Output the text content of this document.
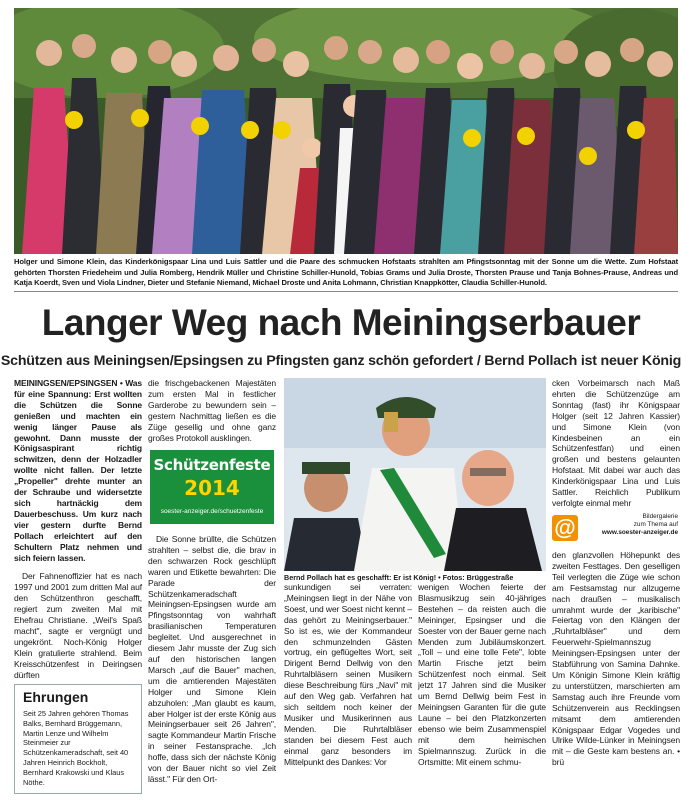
Holger und Simone Klein, das Kinderkönigspaar Lina und Luis Sattler und die Paare des schmucken Hofstaats strahlten am Pfingstsonntag mit der Sonne um die Wette. Zum Hofstaat gehörten Thorsten Friedeheim und Julia Romberg, Hendrik Müller und Christine Schiller-Hunold, Tobias Grams und Julia Droste, Thorsten Prause und Tanja Bohnes-Prause, Andreas und Katja Koerdt, Sven und Viola Lindner, Dieter und Stefanie Niemand, Michael Droste und Anita Lohmann, Christian Knappkötter, Claudia Schiller-Hunold.
Langer Weg nach Meiningserbauer
Schützen aus Meiningsen/Epsingsen zu Pfingsten ganz schön gefordert / Bernd Pollach ist neuer König

MEININGSEN/EPSINGSEN • Was für eine Spannung: Erst wollten die Schützen die Sonne genießen und machten ein wenig länger Pause als gewohnt. Dann musste der Königsaspirant richtig schwitzen, denn der Holzadler wollte nicht fallen. Der letzte „Propeller" drehte munter an der Schraube und widersetzte sich hartnäckig dem Dauerbeschuss. Um kurz nach vier gestern durfte Bernd Pollach erleichtert auf den Schultern Platz nehmen und sich feiern lassen.

Der Fahnenoffizier hat es nach 1997 und 2001 zum dritten Mal auf den Schützenthron geschafft, regiert zum zweiten Mal mit Ehefrau Christiane. „Weil's Spaß macht", sagte er vergnügt und ungekrönt. Noch-König Holger Klein gratulierte strahlend. Beim Kreisschützenfest in Deiringsen dürften

die frischgebackenen Majestäten zum ersten Mal in festlicher Garderobe zu bewundern sein – gestern Nachmittag ließen es die Züge gesellig und ohne ganz großes Protokoll ausklingen.

Schützenfeste
2014
soester-anzeiger.de/schuetzenfeste

Die Sonne brüllte, die Schützen strahlten – selbst die, die brav in den schwarzen Rock geschlüpft waren und Etikette bewahrten: Die Parade der Schützenkameradschaft Meiningsen-Epsingsen wurde am Pfingstsonntag von wahrhaft brasilianischen Temperaturen begleitet. Und ausgerechnet in diesem Jahr musste der Zug sich auf den historischen langen Marsch „auf die Bauer" machen, um die amtierenden Majestäten Holger und Simone Klein abzuholen: „Man glaubt es kaum, aber Holger ist der erste König aus Meiningserbauer seit 26 Jahren", sagte Kommandeur Martin Frische in seiner Festansprache. „Ich hoffe, dass sich der nächste König von der Bauer nicht so viel Zeit lässt." Für den Ort-

Bernd Pollach hat es geschafft: Er ist König! • Fotos: Brüggestraße

sunkundigen sei verraten: „Meiningsen liegt in der Nähe von Soest, und wer Soest nicht kennt – das gehört zu Meiningserbauer." So ist es, wie der Kommandeur den schmunzelnden Gästen vortrug, ein geflügeltes Wort, seit Dirigent Bernd Dellwig von den Ruhrtalbläsern seinen Musikern diese Beschreibung fürs „Navi" mit auf den Weg gab. Verfahren hat sich seitdem noch keiner der Musiker und Musikerinnen aus Menden. Die Ruhrtalbläser standen bei diesem Fest auch einmal ganz besonders im Mittelpunkt des Dankes: Vor

wenigen Wochen feierte der Blasmusikzug sein 40-jähriges Bestehen – da reisten auch die Meininger, Epsingser und die Soester von der Bauer gerne nach Menden zum Jubiläumskonzert. „Toll – und eine tolle Fete", lobte Martin Frische jetzt beim Schützenfest noch einmal. Seit jetzt 17 Jahren sind die Musiker um Bernd Dellwig beim Fest in Meiningsen Garanten für die gute Laune – bei den Platzkonzerten ebenso wie beim Zusammenspiel mit dem heimischen Spielmannszug. Zurück in die Ortsmitte: Mit einem schmu-

cken Vorbeimarsch nach Maß ehrten die Schützenzüge am Sonntag (fast) ihr Königspaar Holger (seit 12 Jahren Kassier) und Simone Klein (von Kindesbeinen an ein Schützenfestfan) und einen großen und bestens gelaunten Hofstaat. Mit dabei war auch das Kinderkönigspaar Lina und Luis Sattler. Reichlich Publikum verfolgte einmal mehr

@	Bildergalerie
zum Thema auf
www.soester-anzeiger.de

den glanzvollen Höhepunkt des zweiten Festtages. Den geselligen Teil verlegten die Züge wie schon am Festsamstag nur allzugerne nach draußen – musikalisch umrahmt wurde der „karibische" Feiertag von den Klängen der „Ruhrtalbläser" und dem Feuerwehr-Spielmannszug Meiningsen-Epsingsen unter der Stabführung von Samina Dahnke. Um Königin Simone Klein kräftig zu unterstützen, marschierten am Samstag auch ihre Freunde vom Schützenverein aus Recklingsen mitsamt dem amtierenden Königspaar Edgar Vogedes und Ulrike Wilde-Lünker in Meiningsen mit – die Geste kam bestens an. • brü

Ehrungen
Seit 25 Jahren gehören Thomas Balks, Bernhard Brüggemann, Martin Lenze und Wilhelm Steinmeier zur Schützenkameradschaft, seit 40 Jahren Heinrich Bockholt, Bernhard Krakowski und Klaus Nöthe.
